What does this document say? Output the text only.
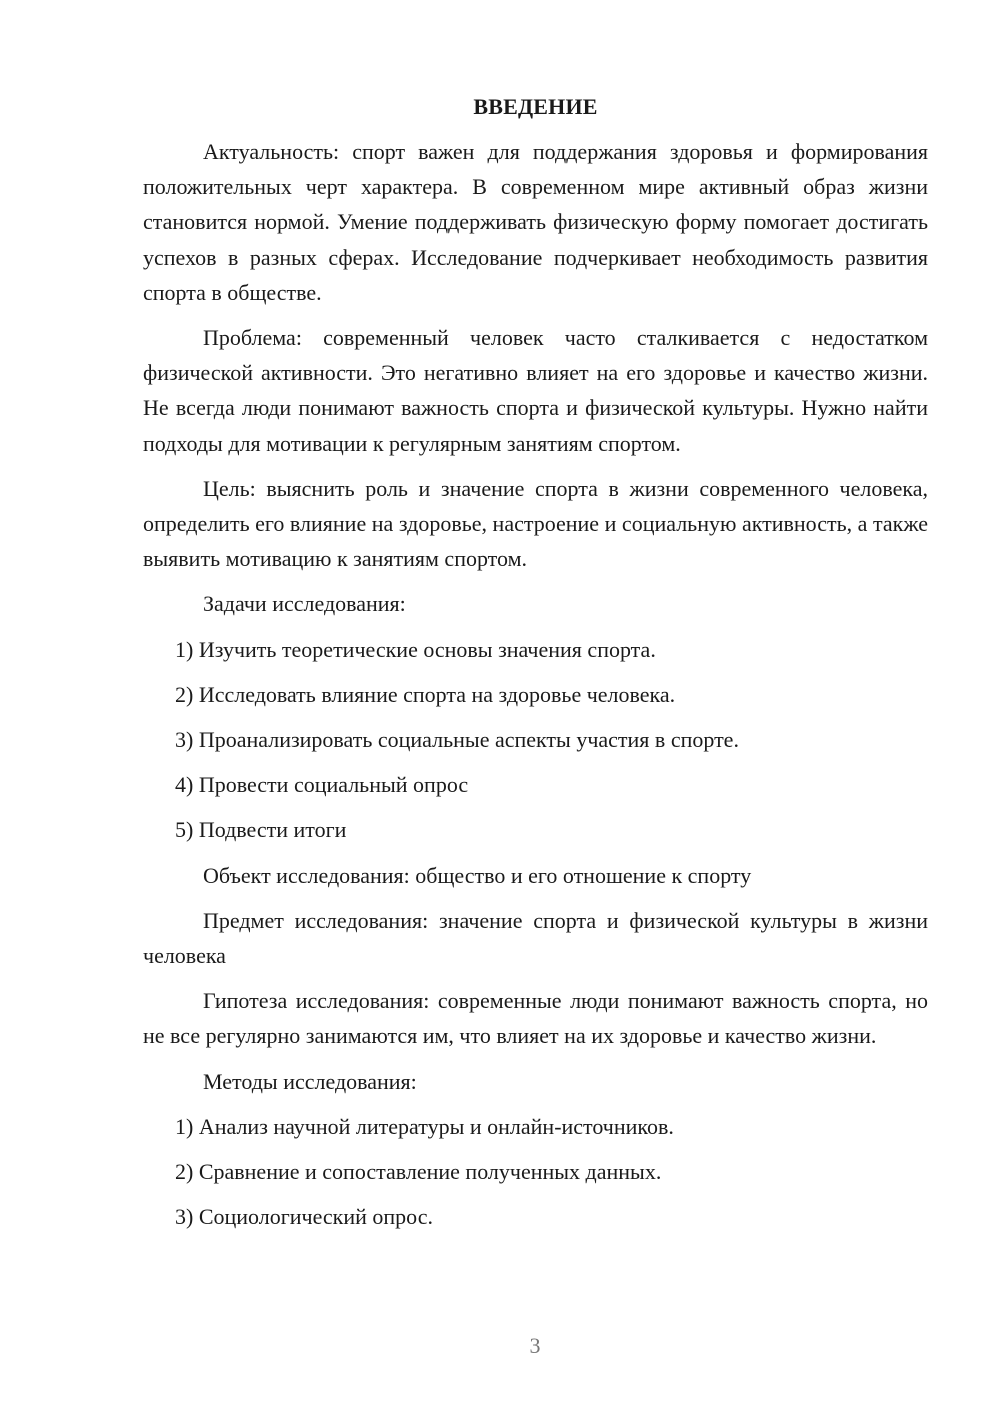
ВВЕДЕНИЕ

Актуальность: спорт важен для поддержания здоровья и формирования положительных черт характера. В современном мире активный образ жизни становится нормой. Умение поддерживать физическую форму помогает достигать успехов в разных сферах. Исследование подчеркивает необходимость развития спорта в обществе.

Проблема: современный человек часто сталкивается с недостатком физической активности. Это негативно влияет на его здоровье и качество жизни. Не всегда люди понимают важность спорта и физической культуры. Нужно найти подходы для мотивации к регулярным занятиям спортом.

Цель: выяснить роль и значение спорта в жизни современного человека, определить его влияние на здоровье, настроение и социальную активность, а также выявить мотивацию к занятиям спортом.

Задачи исследования:

1) Изучить теоретические основы значения спорта.
2) Исследовать влияние спорта на здоровье человека.
3) Проанализировать социальные аспекты участия в спорте.
4) Провести социальный опрос
5) Подвести итоги

Объект исследования: общество и его отношение к спорту

Предмет исследования: значение спорта и физической культуры в жизни человека

Гипотеза исследования: современные люди понимают важность спорта, но не все регулярно занимаются им, что влияет на их здоровье и качество жизни.

Методы исследования:

1) Анализ научной литературы и онлайн-источников.
2) Сравнение и сопоставление полученных данных.
3) Социологический опрос.
3
